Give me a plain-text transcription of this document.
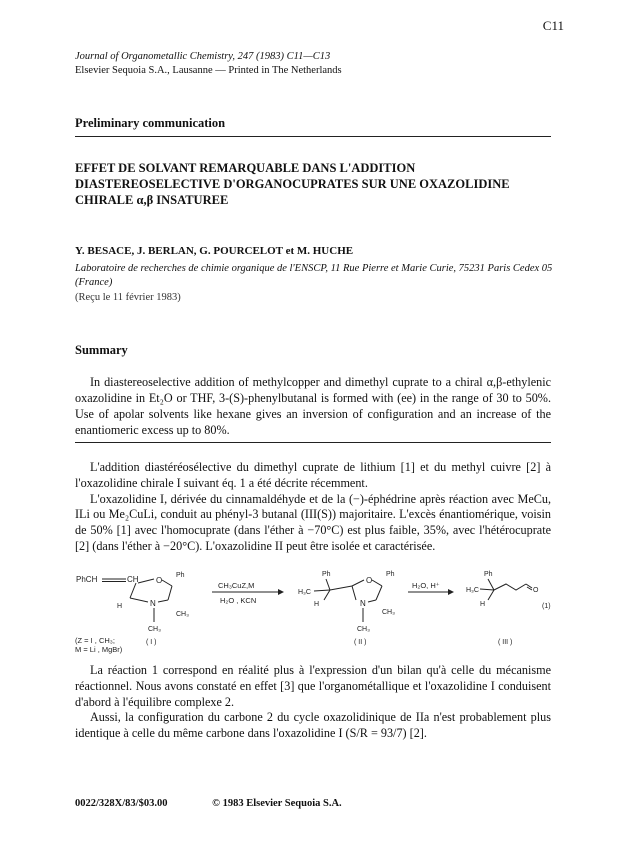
C11
Journal of Organometallic Chemistry, 247 (1983) C11—C13
Elsevier Sequoia S.A., Lausanne — Printed in The Netherlands
Preliminary communication
EFFET DE SOLVANT REMARQUABLE DANS L'ADDITION DIASTEREOSELECTIVE D'ORGANOCUPRATES SUR UNE OXAZOLIDINE CHIRALE α,β INSATUREE
Y. BESACE, J. BERLAN, G. POURCELOT et M. HUCHE
Laboratoire de recherches de chimie organique de l'ENSCP, 11 Rue Pierre et Marie Curie, 75231 Paris Cedex 05 (France)
(Reçu le 11 février 1983)
Summary

In diastereoselective addition of methylcopper and dimethyl cuprate to a chiral α,β-ethylenic oxazolidine in Et₂O or THF, 3-(S)-phenylbutanal is formed with (ee) in the range of 30 to 50%. Use of apolar solvents like hexane gives an inversion of configuration and an increase of the enantiomeric excess up to 80%.

L'addition diastéréosélective du dimethyl cuprate de lithium [1] et du methyl cuivre [2] à l'oxazolidine chirale I suivant éq. 1 a été décrite récemment.

L'oxazolidine I, dérivée du cinnamaldéhyde et de la (−)-éphédrine après réaction avec MeCu, ILi ou Me₂CuLi, conduit au phényl-3 butanal (III(S)) majoritaire. L'excès énantiomérique, voisin de 50% [1] avec l'homocuprate (dans l'éther à −70°C) est plus faible, 35%, avec l'hétérocuprate [2] (dans l'éther à −20°C). L'oxazolidine II peut être isolée et caractérisée.

PhCH	CH O
Ph
N
H
CH₃
CH₃
( I )
CH₃CuZ,M
H₂O , KCN
Ph
H₃C
H
O
Ph
N
CH₃
CH₃
( II )
H₂O, H⁺
Ph
H₃C
H
O
(1)
( III )
(Z = I , CH₃;
M = Li , MgBr)

La réaction 1 correspond en réalité plus à l'expression d'un bilan qu'à celle du mécanisme réactionnel. Nous avons constaté en effet [3] que l'organométallique et l'oxazolidine I conduisent d'abord à l'équilibre complexe 2.

Aussi, la configuration du carbone 2 du cycle oxazolidinique de IIa n'est probablement plus identique à celle du même carbone dans l'oxazolidine I (S/R = 93/7) [2].

0022/328X/83/$03.00	© 1983 Elsevier Sequoia S.A.
